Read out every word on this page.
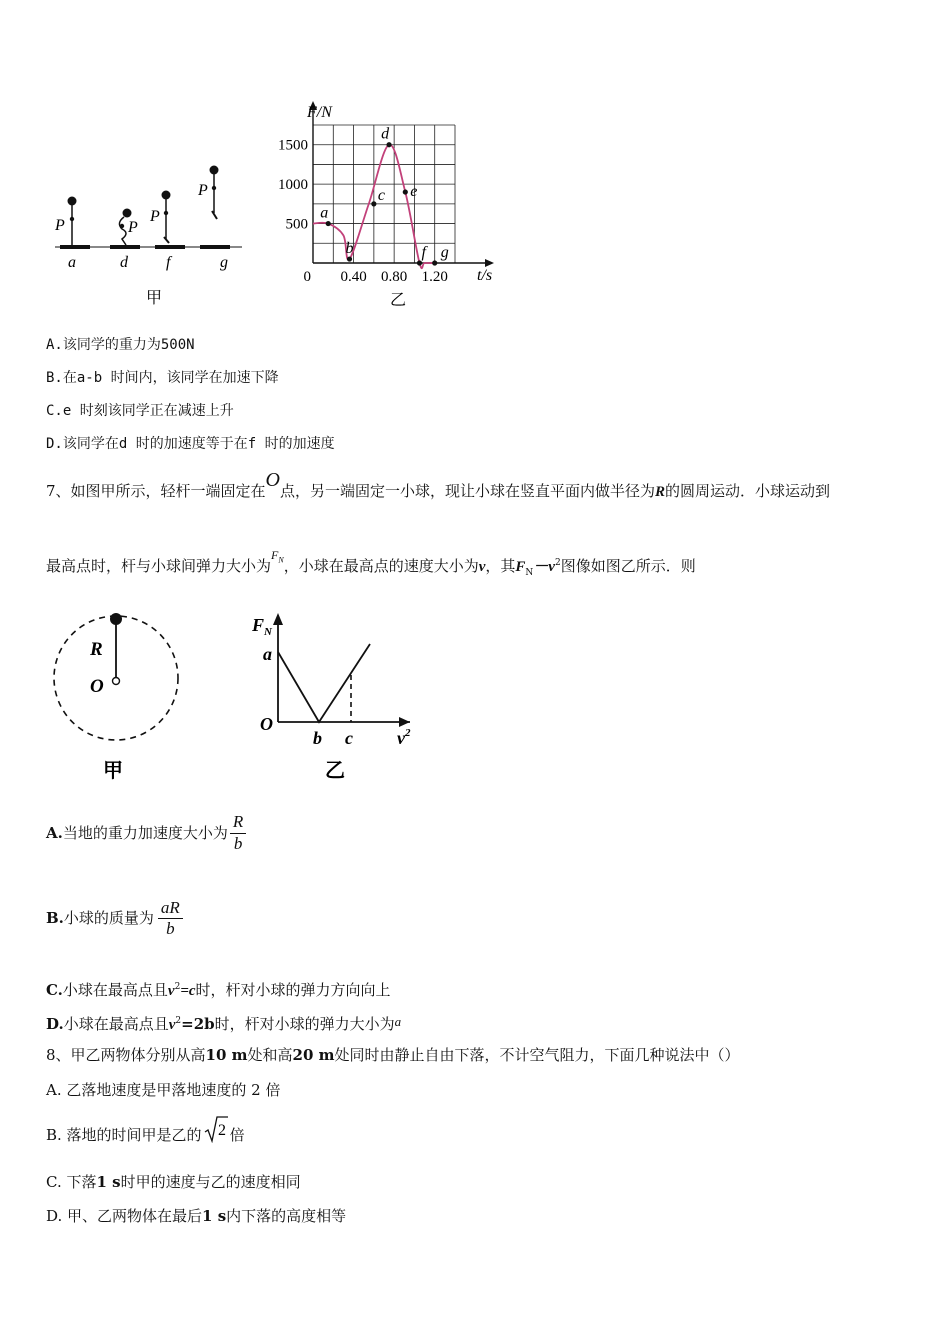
P	P
P
P
a	d f	g
甲
1500
1000
500
0 0.40 0.80 1.20
a
b
c
d
e
f g
F/N
t/s
乙
A.该同学的重力为500N
B.在a-b 时间内，该同学在加速下降
C.e 时刻该同学正在减速上升
D.该同学在d 时的加速度等于在f 时的加速度
7、如图甲所示，轻杆一端固定在O点，另一端固定一小球，现让小球在竖直平面内做半径为R的圆周运动．小球运动到
最高点时，杆与小球间弹力大小为$^{F_N}$，小球在最高点的速度大小为v，其$F_N-v^2$图像如图乙所示．则
R
O
甲
$F_N$
a
O
b c $v^2$
乙
A. 当地的重力加速度大小为 $\frac{R}{b}$
B. 小球的质量为 $\frac{aR}{b}$
C.小球在最高点且$v^2=c$时，杆对小球的弹力方向向上
D.小球在最高点且$v^2=2b$时，杆对小球的弹力大小为a
8、甲乙两物体分别从高10 m处和高20 m处同时由静止自由下落，不计空气阻力，下面几种说法中（）
A. 乙落地速度是甲落地速度的 2 倍
B. 落地的时间甲是乙的 2 倍
C. 下落1 s时甲的速度与乙的速度相同
D. 甲、乙两物体在最后1 s内下落的高度相等
